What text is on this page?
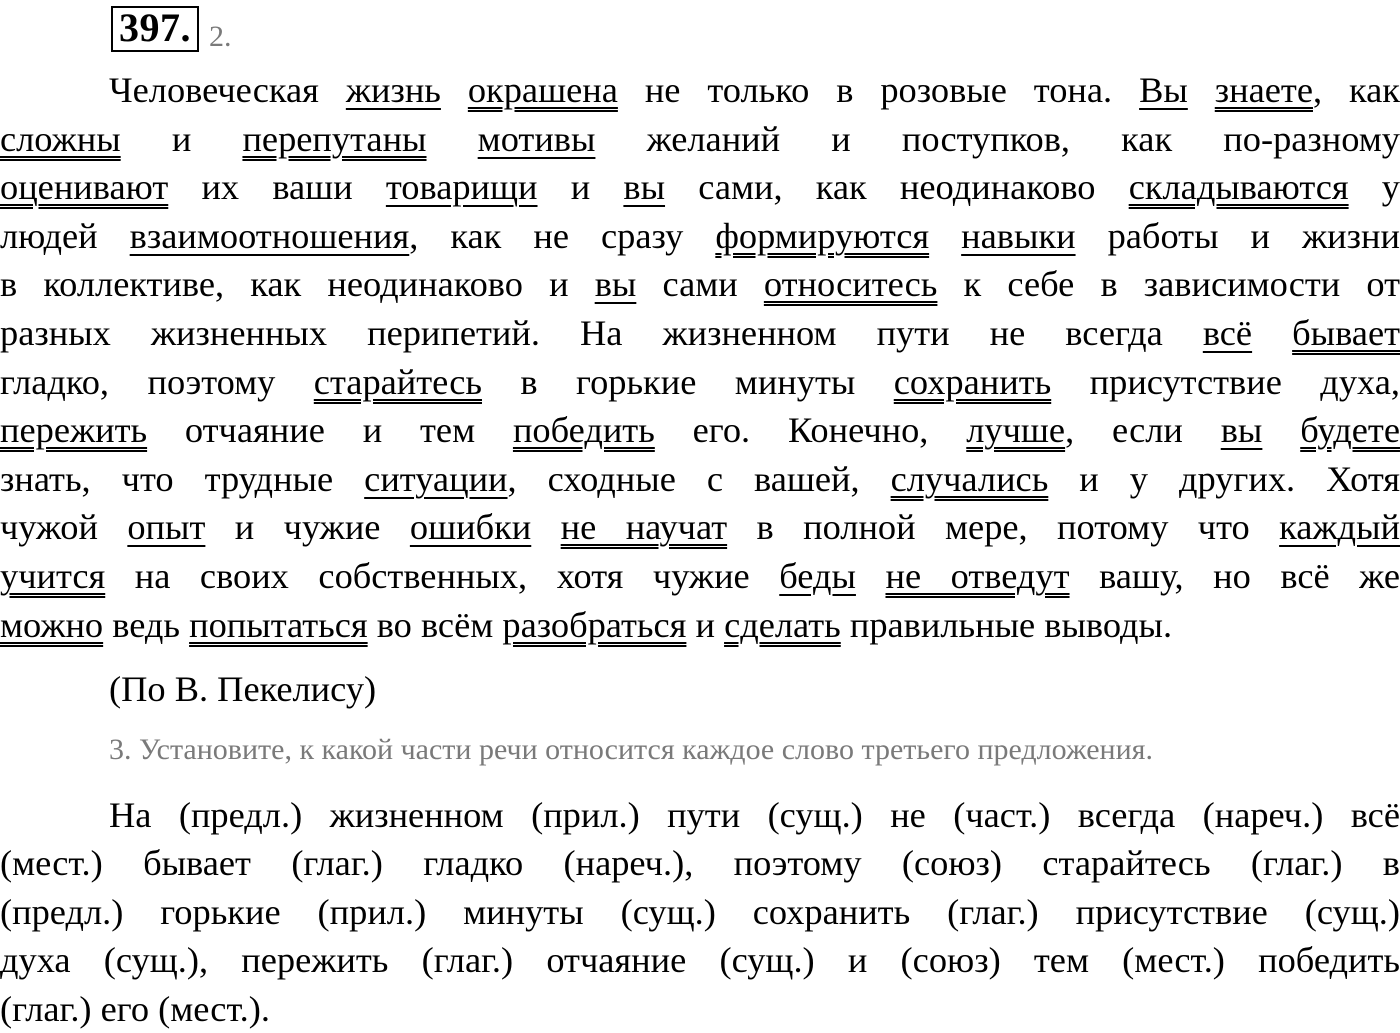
397. 2.
Человеческая жизнь окрашена не только в розовые тона. Вы знаете, как
сложны и перепутаны мотивы желаний и поступков, как по-разному
оценивают их ваши товарищи и вы сами, как неодинаково складываются у
людей взаимоотношения, как не сразу формируются навыки работы и жизни
в коллективе, как неодинаково и вы сами относитесь к себе в зависимости от
разных жизненных перипетий. На жизненном пути не всегда всё бывает
гладко, поэтому старайтесь в горькие минуты сохранить присутствие духа,
пережить отчаяние и тем победить его. Конечно, лучше, если вы будете
знать, что трудные ситуации, сходные с вашей, случались и у других. Хотя
чужой опыт и чужие ошибки не научат в полной мере, потому что каждый
учится на своих собственных, хотя чужие беды не отведут вашу, но всё же
можно ведь попытаться во всём разобраться и сделать правильные выводы.
(По В. Пекелису)
3. Установите, к какой части речи относится каждое слово третьего предложения.
На (предл.) жизненном (прил.) пути (сущ.) не (част.) всегда (нареч.) всё
(мест.) бывает (глаг.) гладко (нареч.), поэтому (союз) старайтесь (глаг.) в
(предл.) горькие (прил.) минуты (сущ.) сохранить (глаг.) присутствие (сущ.)
духа (сущ.), пережить (глаг.) отчаяние (сущ.) и (союз) тем (мест.) победить
(глаг.) его (мест.).
